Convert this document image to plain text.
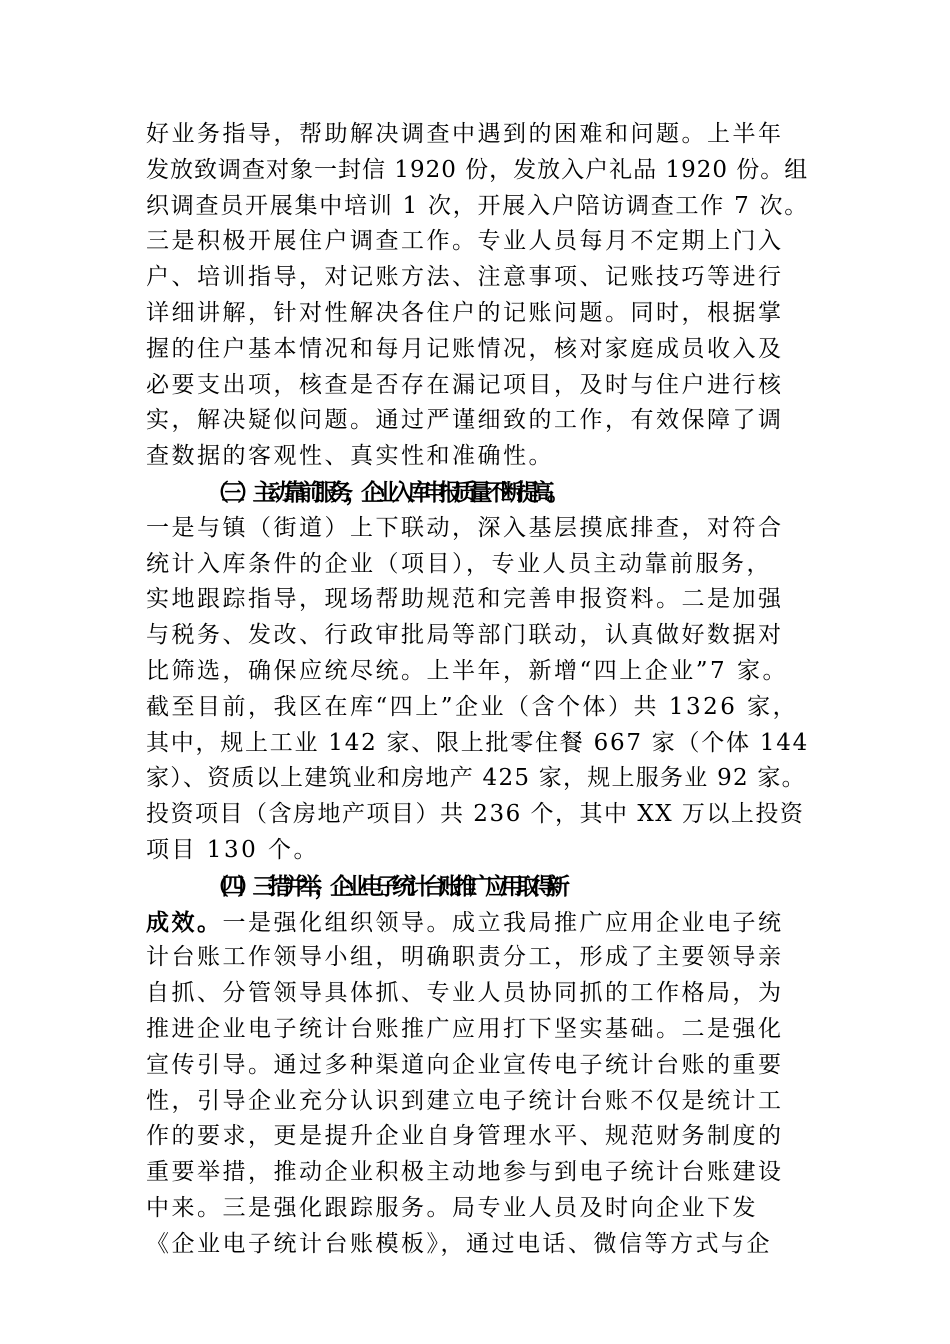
好业务指导，帮助解决调查中遇到的困难和问题。上半年
发放致调查对象一封信 1920 份，发放入户礼品 1920 份。组
织调查员开展集中培训 1 次，开展入户陪访调查工作 7 次。
三是积极开展住户调查工作。专业人员每月不定期上门入
户、培训指导，对记账方法、注意事项、记账技巧等进行
详细讲解，针对性解决各住户的记账问题。同时，根据掌
握的住户基本情况和每月记账情况，核对家庭成员收入及
必要支出项，核查是否存在漏记项目，及时与住户进行核
实，解决疑似问题。通过严谨细致的工作，有效保障了调
查数据的客观性、真实性和准确性。
（三）主动靠前服务，企业入库申报质量不断提高。
一是与镇（街道）上下联动，深入基层摸底排查，对符合
统计入库条件的企业（项目），专业人员主动靠前服务，
实地跟踪指导，现场帮助规范和完善申报资料。二是加强
与税务、发改、行政审批局等部门联动，认真做好数据对
比筛选，确保应统尽统。上半年，新增“四上企业”7 家。
截至目前，我区在库“四上”企业（含个体）共 1326 家，
其中，规上工业 142 家、限上批零住餐 667 家（个体 144
家）、资质以上建筑业和房地产 425 家，规上服务业 92 家。
投资项目（含房地产项目）共 236 个，其中 XX 万以上投资
项目 130 个。
（四）三措并举，企业电子统计台账推广应用取得新
成效。一是强化组织领导。成立我局推广应用企业电子统
计台账工作领导小组，明确职责分工，形成了主要领导亲
自抓、分管领导具体抓、专业人员协同抓的工作格局，为
推进企业电子统计台账推广应用打下坚实基础。二是强化
宣传引导。通过多种渠道向企业宣传电子统计台账的重要
性，引导企业充分认识到建立电子统计台账不仅是统计工
作的要求，更是提升企业自身管理水平、规范财务制度的
重要举措，推动企业积极主动地参与到电子统计台账建设
中来。三是强化跟踪服务。局专业人员及时向企业下发
《企业电子统计台账模板》，通过电话、微信等方式与企
